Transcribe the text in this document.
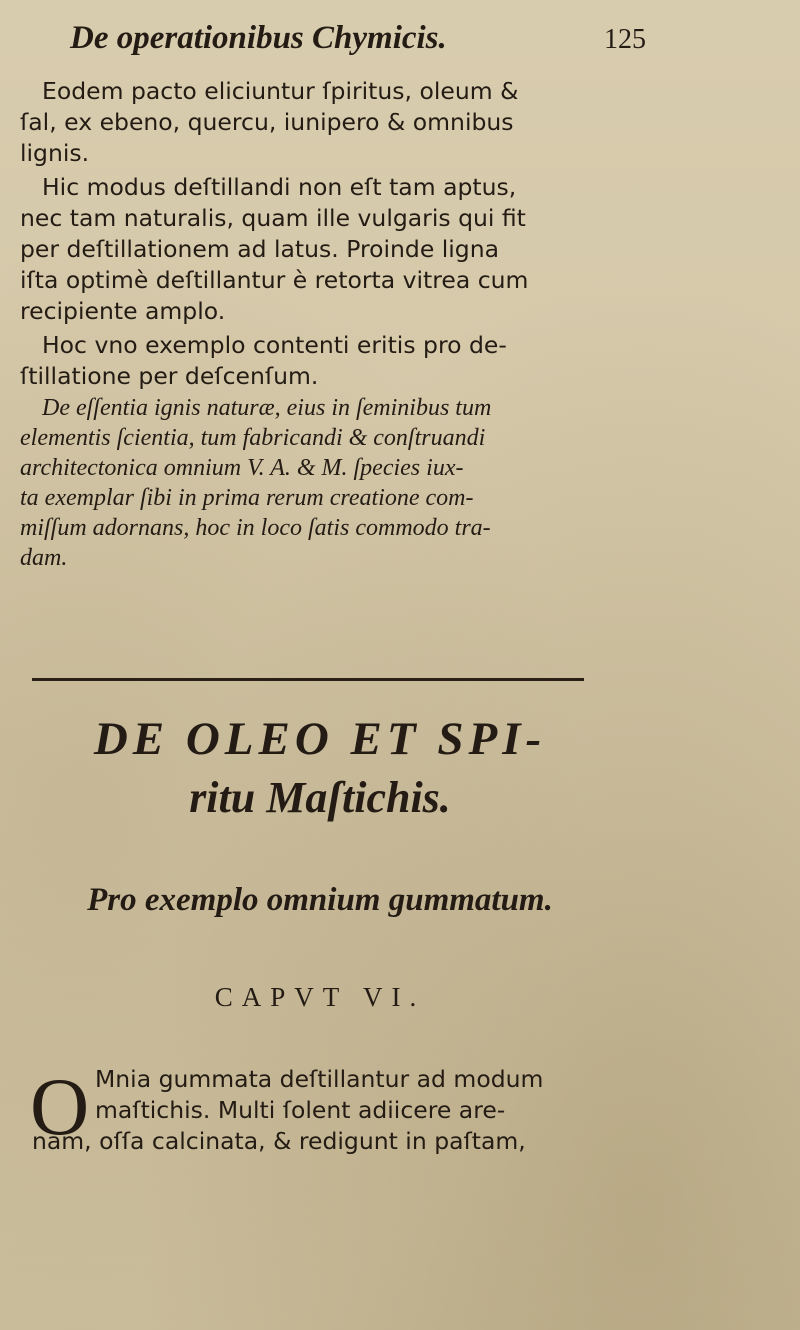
De operationibus Chymicis.	125
Eodem pacto eliciuntur ſpiritus, oleum &
ſal, ex ebeno, quercu, iunipero & omnibus
lignis.
Hic modus deſtillandi non eſt tam aptus,
nec tam naturalis, quam ille vulgaris qui fit
per deſtillationem ad latus. Proinde ligna
iſta optimè deſtillantur è retorta vitrea cum
recipiente amplo.
Hoc vno exemplo contenti eritis pro de-
ſtillatione per deſcenſum.
De eſſentia ignis naturæ, eius in ſeminibus tum
elementis ſcientia, tum fabricandi & conſtruandi
architectonica omnium V. A. & M. ſpecies iux-
ta exemplar ſibi in prima rerum creatione com-
miſſum adornans, hoc in loco ſatis commodo tra-
dam.
DE OLEO ET SPI-
ritu Maſtichis.
Pro exemplo omnium gummatum.
CAPVT VI.
O Mnia gummata deſtillantur ad modum
maſtichis. Multi ſolent adiicere are-
nam, oſſa calcinata, & redigunt in paſtam,
